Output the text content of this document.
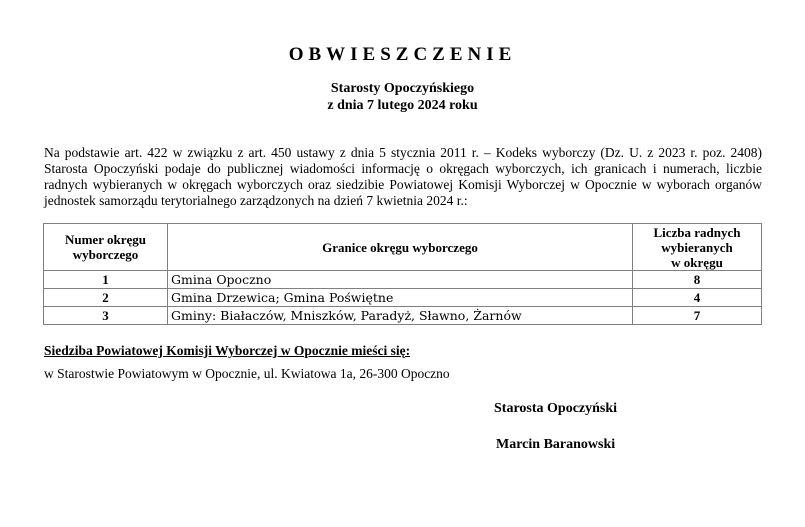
OBWIESZCZENIE
Starosty Opoczyńskiego
z dnia 7 lutego 2024 roku

Na podstawie art. 422 w związku z art. 450 ustawy z dnia 5 stycznia 2011 r. – Kodeks wyborczy (Dz. U. z 2023 r. poz. 2408) Starosta Opoczyński podaje do publicznej wiadomości informację o okręgach wyborczych, ich granicach i numerach, liczbie radnych wybieranych w okręgach wyborczych oraz siedzibie Powiatowej Komisji Wyborczej w Opocznie w wyborach organów jednostek samorządu terytorialnego zarządzonych na dzień 7 kwietnia 2024 r.:

Numer okręgu
wyborczego	Granice okręgu wyborczego	Liczba radnych
wybieranych
w okręgu
1	Gmina Opoczno	8
2	Gmina Drzewica; Gmina Poświętne	4
3	Gminy: Białaczów, Mniszków, Paradyż, Sławno, Żarnów	7
Siedziba Powiatowej Komisji Wyborczej w Opocznie mieści się:
w Starostwie Powiatowym w Opocznie, ul. Kwiatowa 1a, 26-300 Opoczno
Starosta Opoczyński
Marcin Baranowski
